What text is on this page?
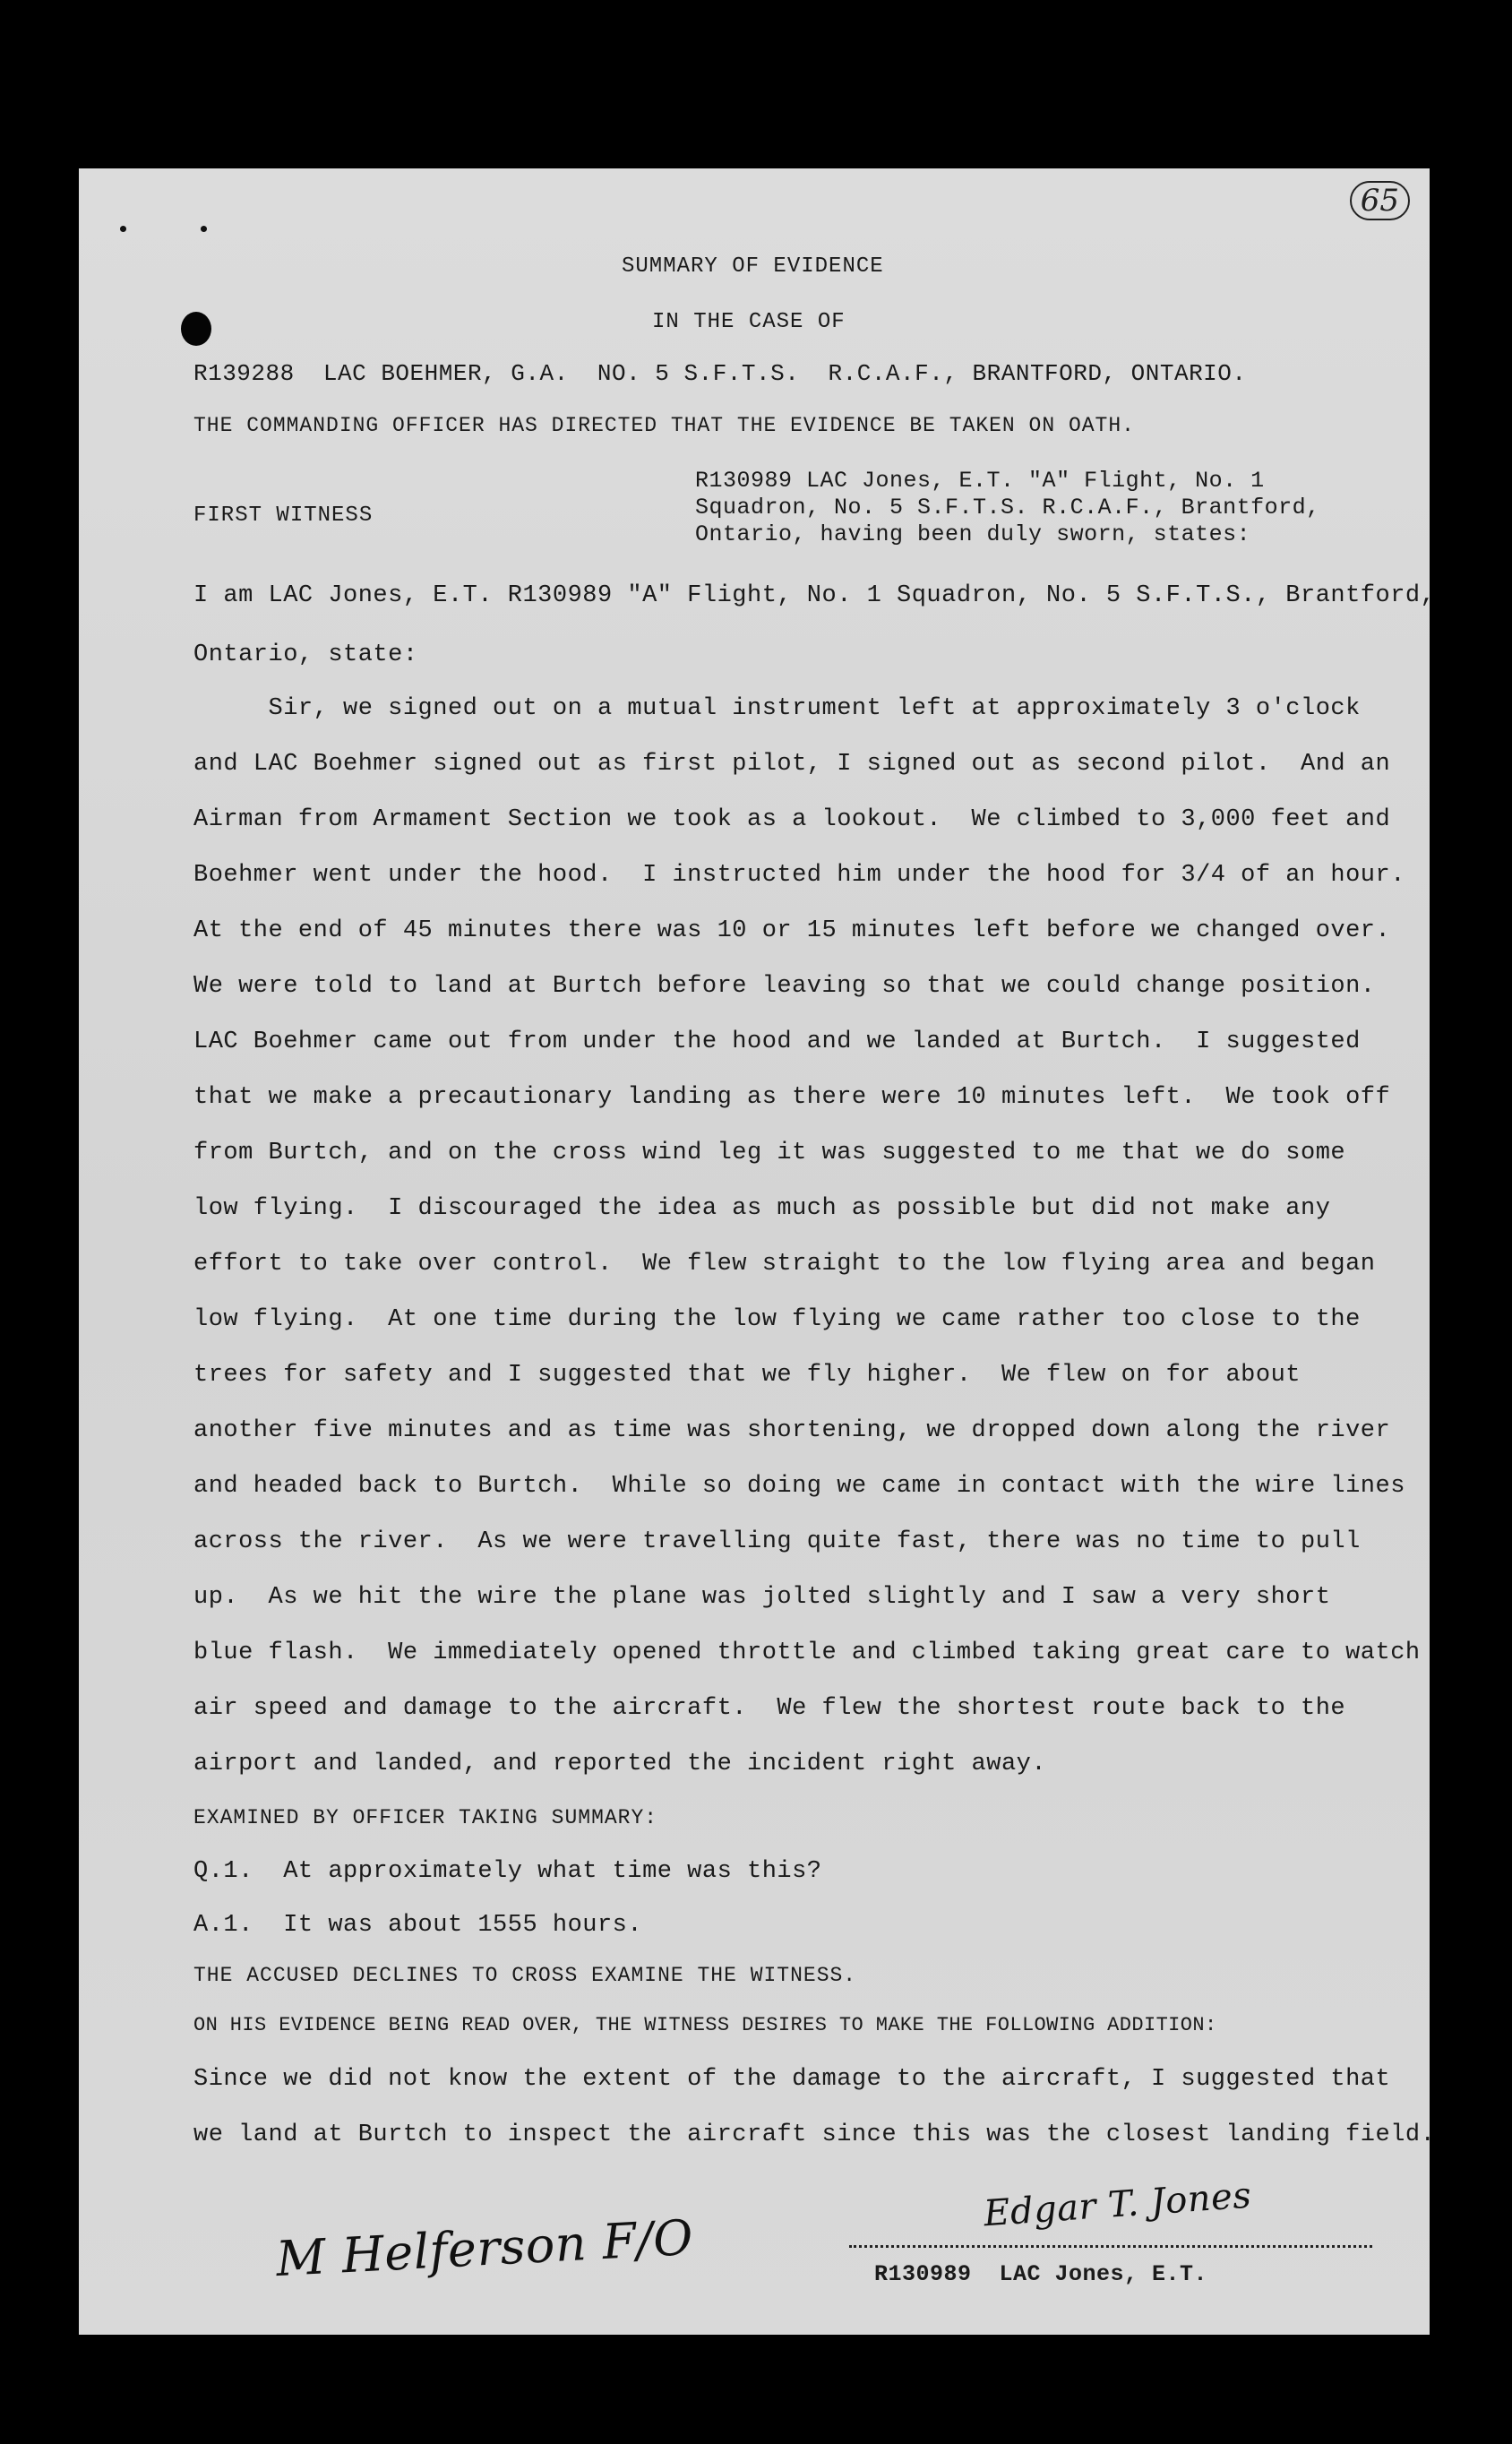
65
SUMMARY OF EVIDENCE
IN THE CASE OF
R139288  LAC BOEHMER, G.A.  NO. 5 S.F.T.S.  R.C.A.F., BRANTFORD, ONTARIO.
THE COMMANDING OFFICER HAS DIRECTED THAT THE EVIDENCE BE TAKEN ON OATH.
FIRST WITNESS
R130989 LAC Jones, E.T. "A" Flight, No. 1
Squadron, No. 5 S.F.T.S. R.C.A.F., Brantford,
Ontario, having been duly sworn, states:
I am LAC Jones, E.T. R130989 "A" Flight, No. 1 Squadron, No. 5 S.F.T.S., Brantford,
Ontario, state:
Sir, we signed out on a mutual instrument left at approximately 3 o'clock
and LAC Boehmer signed out as first pilot, I signed out as second pilot.  And an
Airman from Armament Section we took as a lookout.  We climbed to 3,000 feet and
Boehmer went under the hood.  I instructed him under the hood for 3/4 of an hour.
At the end of 45 minutes there was 10 or 15 minutes left before we changed over.
We were told to land at Burtch before leaving so that we could change position.
LAC Boehmer came out from under the hood and we landed at Burtch.  I suggested
that we make a precautionary landing as there were 10 minutes left.  We took off
from Burtch, and on the cross wind leg it was suggested to me that we do some
low flying.  I discouraged the idea as much as possible but did not make any
effort to take over control.  We flew straight to the low flying area and began
low flying.  At one time during the low flying we came rather too close to the
trees for safety and I suggested that we fly higher.  We flew on for about
another five minutes and as time was shortening, we dropped down along the river
and headed back to Burtch.  While so doing we came in contact with the wire lines
across the river.  As we were travelling quite fast, there was no time to pull
up.  As we hit the wire the plane was jolted slightly and I saw a very short
blue flash.  We immediately opened throttle and climbed taking great care to watch
air speed and damage to the aircraft.  We flew the shortest route back to the
airport and landed, and reported the incident right away.
EXAMINED BY OFFICER TAKING SUMMARY:
Q.1.  At approximately what time was this?
A.1.  It was about 1555 hours.
THE ACCUSED DECLINES TO CROSS EXAMINE THE WITNESS.
ON HIS EVIDENCE BEING READ OVER, THE WITNESS DESIRES TO MAKE THE FOLLOWING ADDITION:
Since we did not know the extent of the damage to the aircraft, I suggested that
we land at Burtch to inspect the aircraft since this was the closest landing field.
M Helferson F/O
Edgar T. Jones
R130989  LAC Jones, E.T.
